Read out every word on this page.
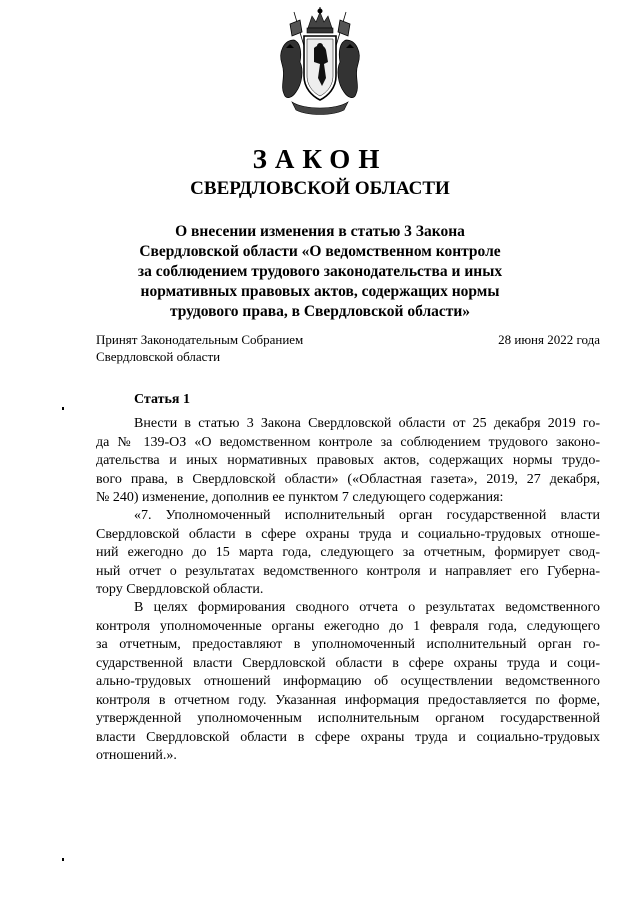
ЗАКОН
СВЕРДЛОВСКОЙ ОБЛАСТИ
О внесении изменения в статью 3 Закона
Свердловской области «О ведомственном контроле
за соблюдением трудового законодательства и иных
нормативных правовых актов, содержащих нормы
трудового права, в Свердловской области»
Принят Законодательным Собранием
Свердловской области
28 июня 2022 года
Статья 1
Внести в статью 3 Закона Свердловской области от 25 декабря 2019 го-
да № 139-ОЗ «О ведомственном контроле за соблюдением трудового законо-
дательства и иных нормативных правовых актов, содержащих нормы трудо-
вого права, в Свердловской области» («Областная газета», 2019, 27 декабря,
№ 240) изменение, дополнив ее пунктом 7 следующего содержания:
«7. Уполномоченный исполнительный орган государственной власти
Свердловской области в сфере охраны труда и социально-трудовых отноше-
ний ежегодно до 15 марта года, следующего за отчетным, формирует свод-
ный отчет о результатах ведомственного контроля и направляет его Губерна-
тору Свердловской области.
В целях формирования сводного отчета о результатах ведомственного
контроля уполномоченные органы ежегодно до 1 февраля года, следующего
за отчетным, предоставляют в уполномоченный исполнительный орган го-
сударственной власти Свердловской области в сфере охраны труда и соци-
ально-трудовых отношений информацию об осуществлении ведомственного
контроля в отчетном году. Указанная информация предоставляется по форме,
утвержденной уполномоченным исполнительным органом государственной
власти Свердловской области в сфере охраны труда и социально-трудовых
отношений.».
